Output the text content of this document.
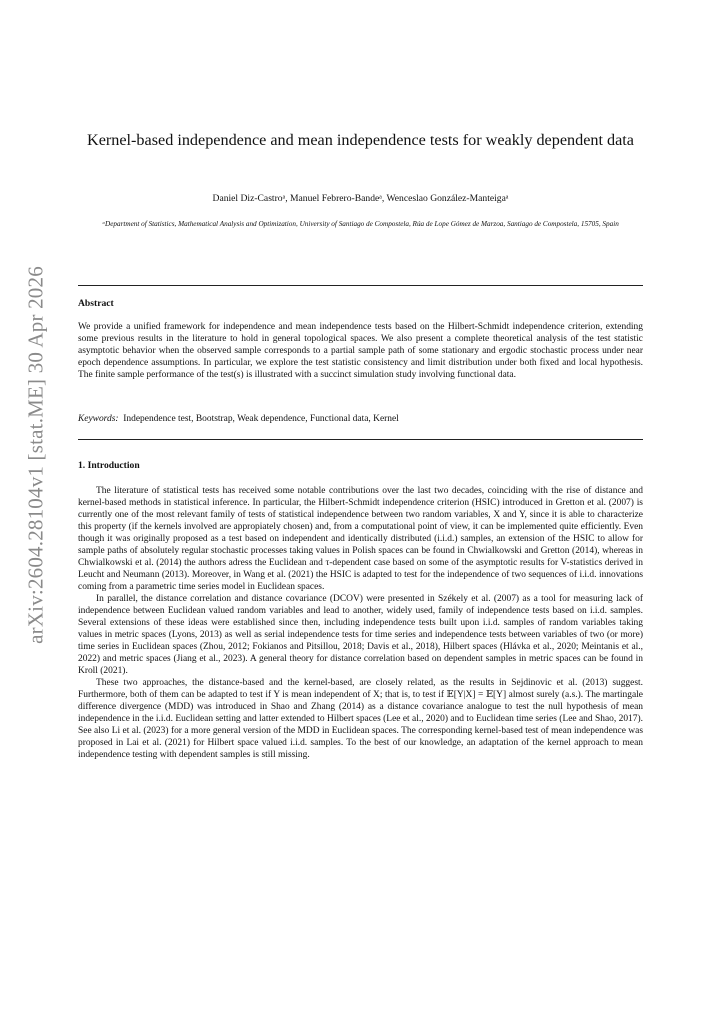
arXiv:2604.28104v1 [stat.ME] 30 Apr 2026
Kernel-based independence and mean independence tests for weakly dependent data
Daniel Diz-Castroᵃ, Manuel Febrero-Bandeᵃ, Wenceslao González-Manteigaᵃ
ᵃDepartment of Statistics, Mathematical Analysis and Optimization, University of Santiago de Compostela, Rúa de Lope Gómez de Marzoa, Santiago de Compostela, 15705, Spain
Abstract
We provide a unified framework for independence and mean independence tests based on the Hilbert-Schmidt independence criterion, extending some previous results in the literature to hold in general topological spaces. We also present a complete theoretical analysis of the test statistic asymptotic behavior when the observed sample corresponds to a partial sample path of some stationary and ergodic stochastic process under near epoch dependence assumptions. In particular, we explore the test statistic consistency and limit distribution under both fixed and local hypothesis. The finite sample performance of the test(s) is illustrated with a succinct simulation study involving functional data.
Keywords: Independence test, Bootstrap, Weak dependence, Functional data, Kernel
1. Introduction

The literature of statistical tests has received some notable contributions over the last two decades, coinciding with the rise of distance and kernel-based methods in statistical inference. In particular, the Hilbert-Schmidt independence criterion (HSIC) introduced in Gretton et al. (2007) is currently one of the most relevant family of tests of statistical independence between two random variables, X and Y, since it is able to characterize this property (if the kernels involved are appropiately chosen) and, from a computational point of view, it can be implemented quite efficiently. Even though it was originally proposed as a test based on independent and identically distributed (i.i.d.) samples, an extension of the HSIC to allow for sample paths of absolutely regular stochastic processes taking values in Polish spaces can be found in Chwialkowski and Gretton (2014), whereas in Chwialkowski et al. (2014) the authors adress the Euclidean and τ-dependent case based on some of the asymptotic results for V-statistics derived in Leucht and Neumann (2013). Moreover, in Wang et al. (2021) the HSIC is adapted to test for the independence of two sequences of i.i.d. innovations coming from a parametric time series model in Euclidean spaces.

In parallel, the distance correlation and distance covariance (DCOV) were presented in Székely et al. (2007) as a tool for measuring lack of independence between Euclidean valued random variables and lead to another, widely used, family of independence tests based on i.i.d. samples. Several extensions of these ideas were established since then, including independence tests built upon i.i.d. samples of random variables taking values in metric spaces (Lyons, 2013) as well as serial independence tests for time series and independence tests between variables of two (or more) time series in Euclidean spaces (Zhou, 2012; Fokianos and Pitsillou, 2018; Davis et al., 2018), Hilbert spaces (Hlávka et al., 2020; Meintanis et al., 2022) and metric spaces (Jiang et al., 2023). A general theory for distance correlation based on dependent samples in metric spaces can be found in Kroll (2021).

These two approaches, the distance-based and the kernel-based, are closely related, as the results in Sejdinovic et al. (2013) suggest. Furthermore, both of them can be adapted to test if Y is mean independent of X; that is, to test if 𝔼[Y|X] = 𝔼[Y] almost surely (a.s.). The martingale difference divergence (MDD) was introduced in Shao and Zhang (2014) as a distance covariance analogue to test the null hypothesis of mean independence in the i.i.d. Euclidean setting and latter extended to Hilbert spaces (Lee et al., 2020) and to Euclidean time series (Lee and Shao, 2017). See also Li et al. (2023) for a more general version of the MDD in Euclidean spaces. The corresponding kernel-based test of mean independence was proposed in Lai et al. (2021) for Hilbert space valued i.i.d. samples. To the best of our knowledge, an adaptation of the kernel approach to mean independence testing with dependent samples is still missing.
